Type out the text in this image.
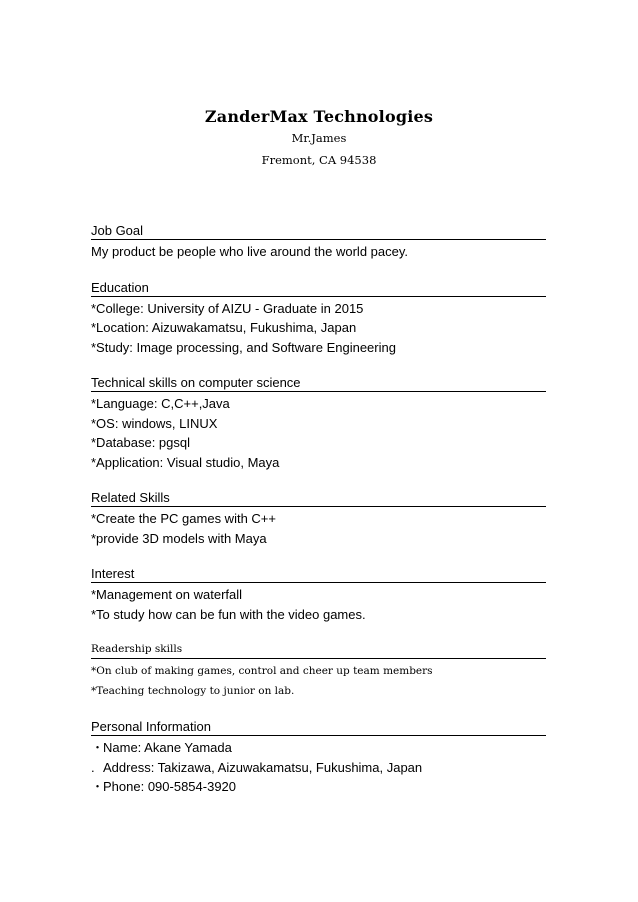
ZanderMax Technologies
Mr.James
Fremont, CA 94538
Job Goal
My product be people who live around the world pacey.
Education
*College: University of AIZU - Graduate in 2015
*Location: Aizuwakamatsu, Fukushima, Japan
*Study: Image processing, and Software Engineering
Technical skills on computer science
*Language: C,C++,Java
*OS: windows, LINUX
*Database: pgsql
*Application: Visual studio, Maya
Related Skills
*Create the PC games with C++
*provide 3D models with Maya
Interest
*Management on waterfall
*To study how can be fun with the video games.
Readership skills
*On club of making games, control and cheer up team members
*Teaching technology to junior on lab.
Personal Information
・Name: Akane Yamada
. Address: Takizawa, Aizuwakamatsu, Fukushima, Japan
・Phone: 090-5854-3920
